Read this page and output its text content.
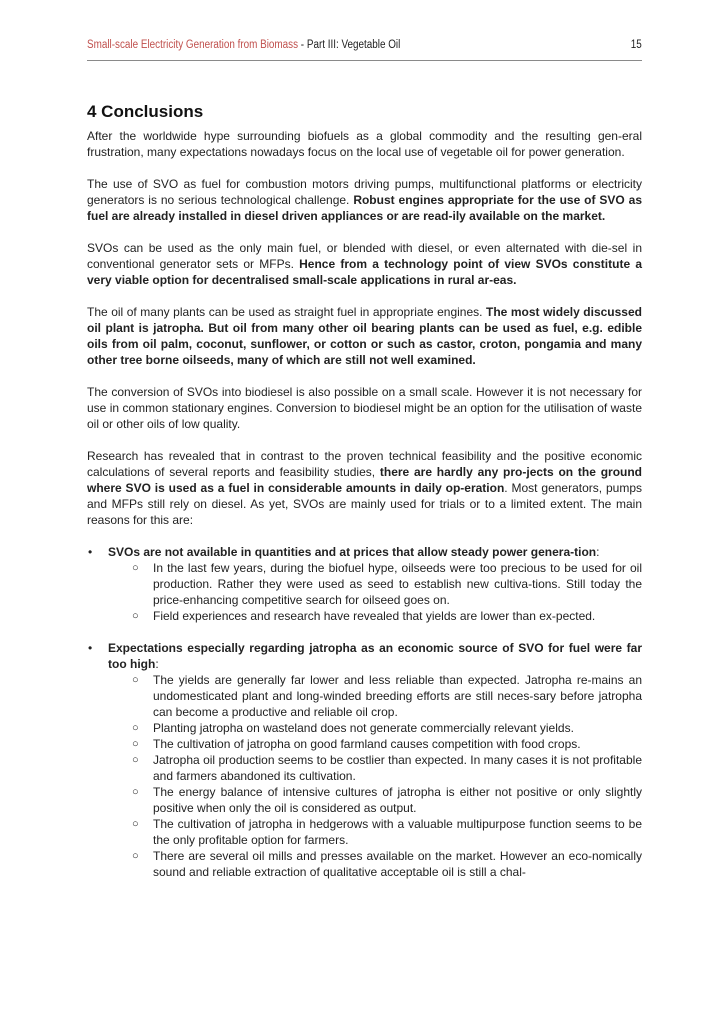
Small-scale Electricity Generation from Biomass - Part III: Vegetable Oil	15
4 Conclusions

After the worldwide hype surrounding biofuels as a global commodity and the resulting gen-eral frustration, many expectations nowadays focus on the local use of vegetable oil for power generation.

The use of SVO as fuel for combustion motors driving pumps, multifunctional platforms or electricity generators is no serious technological challenge. Robust engines appropriate for the use of SVO as fuel are already installed in diesel driven appliances or are read-ily available on the market.

SVOs can be used as the only main fuel, or blended with diesel, or even alternated with die-sel in conventional generator sets or MFPs. Hence from a technology point of view SVOs constitute a very viable option for decentralised small-scale applications in rural ar-eas.

The oil of many plants can be used as straight fuel in appropriate engines. The most widely discussed oil plant is jatropha. But oil from many other oil bearing plants can be used as fuel, e.g. edible oils from oil palm, coconut, sunflower, or cotton or such as castor, croton, pongamia and many other tree borne oilseeds, many of which are still not well examined.

The conversion of SVOs into biodiesel is also possible on a small scale. However it is not necessary for use in common stationary engines. Conversion to biodiesel might be an option for the utilisation of waste oil or other oils of low quality.

Research has revealed that in contrast to the proven technical feasibility and the positive economic calculations of several reports and feasibility studies, there are hardly any pro-jects on the ground where SVO is used as a fuel in considerable amounts in daily op-eration. Most generators, pumps and MFPs still rely on diesel. As yet, SVOs are mainly used for trials or to a limited extent. The main reasons for this are:

• SVOs are not available in quantities and at prices that allow steady power genera-tion:
○ In the last few years, during the biofuel hype, oilseeds were too precious to be used for oil production. Rather they were used as seed to establish new cultiva-tions. Still today the price-enhancing competitive search for oilseed goes on.
○ Field experiences and research have revealed that yields are lower than ex-pected.
• Expectations especially regarding jatropha as an economic source of SVO for fuel were far too high:
○ The yields are generally far lower and less reliable than expected. Jatropha re-mains an undomesticated plant and long-winded breeding efforts are still neces-sary before jatropha can become a productive and reliable oil crop.
○ Planting jatropha on wasteland does not generate commercially relevant yields.
○ The cultivation of jatropha on good farmland causes competition with food crops.
○ Jatropha oil production seems to be costlier than expected. In many cases it is not profitable and farmers abandoned its cultivation.
○ The energy balance of intensive cultures of jatropha is either not positive or only slightly positive when only the oil is considered as output.
○ The cultivation of jatropha in hedgerows with a valuable multipurpose function seems to be the only profitable option for farmers.
○ There are several oil mills and presses available on the market. However an eco-nomically sound and reliable extraction of qualitative acceptable oil is still a chal-
